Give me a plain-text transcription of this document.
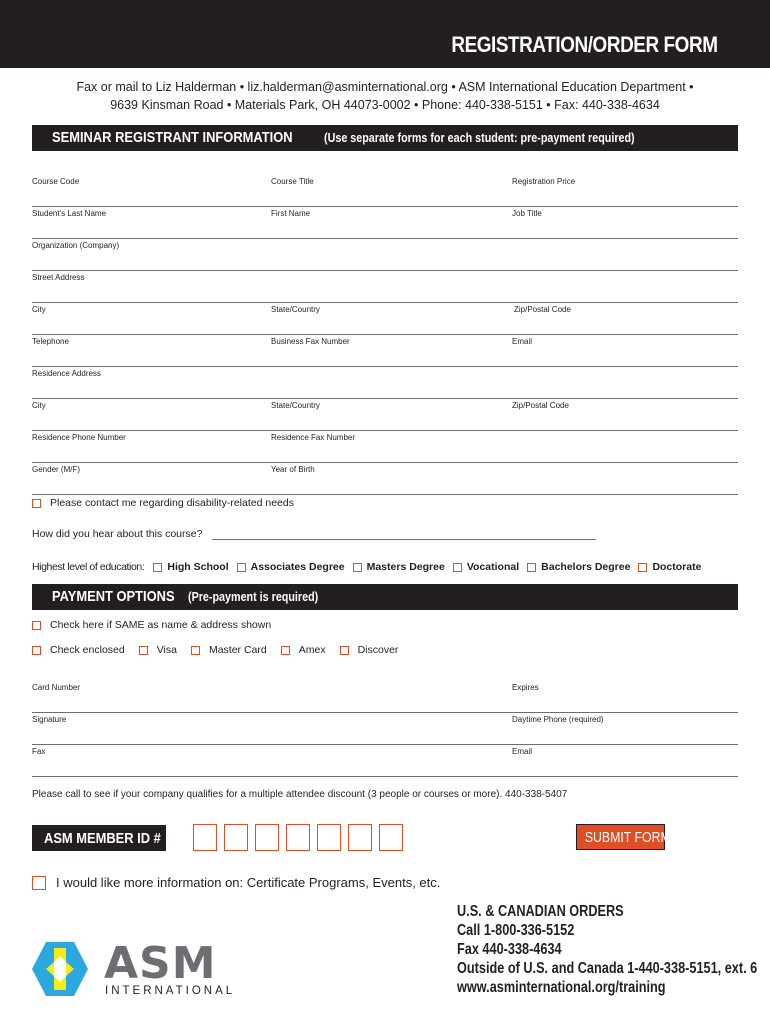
REGISTRATION/ORDER FORM
Fax or mail to Liz Halderman • liz.halderman@asminternational.org • ASM International Education Department •
9639 Kinsman Road • Materials Park, OH 44073-0002 • Phone: 440-338-5151 • Fax: 440-338-4634
SEMINAR REGISTRANT INFORMATION	(Use separate forms for each student: pre-payment required)
Course Code	Course Title	Registration Price
Student's Last Name	First Name	Job Title
Organization (Company)
Street Address
City	State/Country	Zip/Postal Code
Telephone	Business Fax Number	Email
Residence Address
City	State/Country	Zip/Postal Code
Residence Phone Number	Residence Fax Number
Gender (M/F)	Year of Birth
Please contact me regarding disability-related needs
How did you hear about this course?
Highest level of education: High School Associates Degree Masters Degree Vocational Bachelors Degree Doctorate
PAYMENT OPTIONS (Pre-payment is required)
Check here if SAME as name & address shown
Check enclosed	Visa	Master Card	Amex	Discover
Card Number	Expires
Signature	Daytime Phone (required)
Fax	Email
Please call to see if your company qualifies for a multiple attendee discount (3 people or courses or more). 440-338-5407
ASM MEMBER ID #	SUBMIT FORM
I would like more information on: Certificate Programs, Events, etc.
ASM
INTERNATIONAL
U.S. & CANADIAN ORDERS
Call 1-800-336-5152
Fax 440-338-4634
Outside of U.S. and Canada 1-440-338-5151, ext. 6
www.asminternational.org/training
